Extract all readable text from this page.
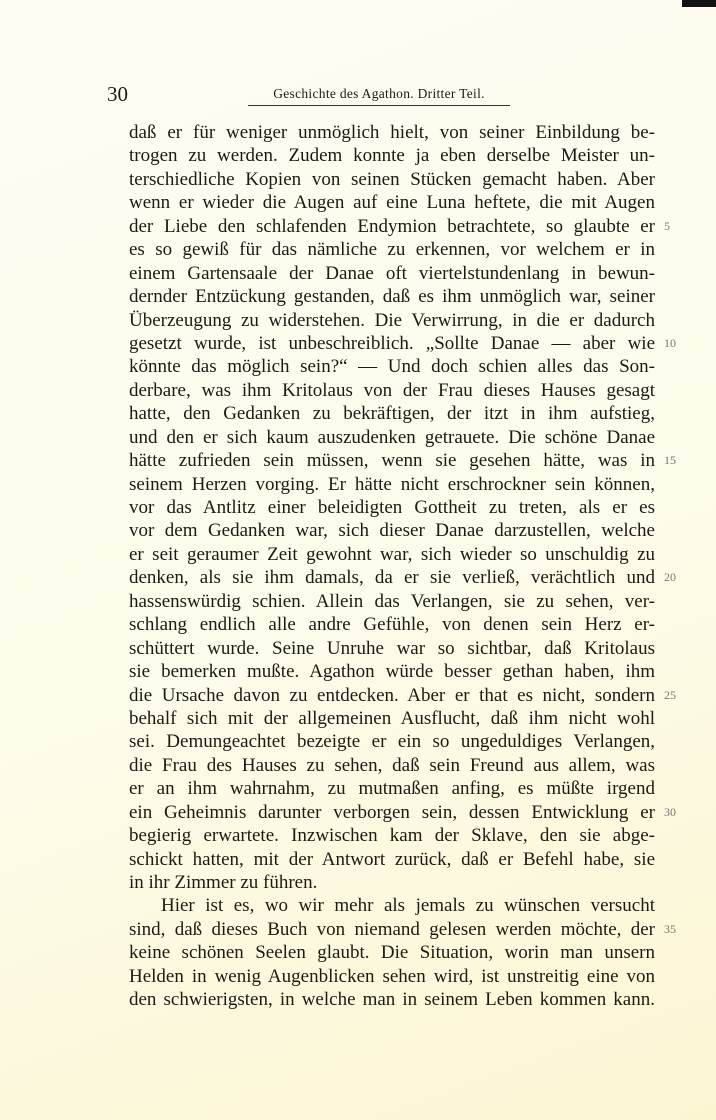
30	Geschichte des Agathon. Dritter Teil.
daß er für weniger unmöglich hielt, von seiner Einbildung be-
trogen zu werden. Zudem konnte ja eben derselbe Meister un-
terschiedliche Kopien von seinen Stücken gemacht haben. Aber
wenn er wieder die Augen auf eine Luna heftete, die mit Augen
der Liebe den schlafenden Endymion betrachtete, so glaubte er 5
es so gewiß für das nämliche zu erkennen, vor welchem er in
einem Gartensaale der Danae oft viertelstundenlang in bewun-
dernder Entzückung gestanden, daß es ihm unmöglich war, seiner
Überzeugung zu widerstehen. Die Verwirrung, in die er dadurch
gesetzt wurde, ist unbeschreiblich. „Sollte Danae — aber wie 10
könnte das möglich sein?“ — Und doch schien alles das Son-
derbare, was ihm Kritolaus von der Frau dieses Hauses gesagt
hatte, den Gedanken zu bekräftigen, der itzt in ihm aufstieg,
und den er sich kaum auszudenken getrauete. Die schöne Danae
hätte zufrieden sein müssen, wenn sie gesehen hätte, was in 15
seinem Herzen vorging. Er hätte nicht erschrockner sein können,
vor das Antlitz einer beleidigten Gottheit zu treten, als er es
vor dem Gedanken war, sich dieser Danae darzustellen, welche
er seit geraumer Zeit gewohnt war, sich wieder so unschuldig zu
denken, als sie ihm damals, da er sie verließ, verächtlich und 20
hassenswürdig schien. Allein das Verlangen, sie zu sehen, ver-
schlang endlich alle andre Gefühle, von denen sein Herz er-
schüttert wurde. Seine Unruhe war so sichtbar, daß Kritolaus
sie bemerken mußte. Agathon würde besser gethan haben, ihm
die Ursache davon zu entdecken. Aber er that es nicht, sondern 25
behalf sich mit der allgemeinen Ausflucht, daß ihm nicht wohl
sei. Demungeachtet bezeigte er ein so ungeduldiges Verlangen,
die Frau des Hauses zu sehen, daß sein Freund aus allem, was
er an ihm wahrnahm, zu mutmaßen anfing, es müßte irgend
ein Geheimnis darunter verborgen sein, dessen Entwicklung er 30
begierig erwartete. Inzwischen kam der Sklave, den sie abge-
schickt hatten, mit der Antwort zurück, daß er Befehl habe, sie
in ihr Zimmer zu führen.
Hier ist es, wo wir mehr als jemals zu wünschen versucht
sind, daß dieses Buch von niemand gelesen werden möchte, der 35
keine schönen Seelen glaubt. Die Situation, worin man unsern
Helden in wenig Augenblicken sehen wird, ist unstreitig eine von
den schwierigsten, in welche man in seinem Leben kommen kann.
